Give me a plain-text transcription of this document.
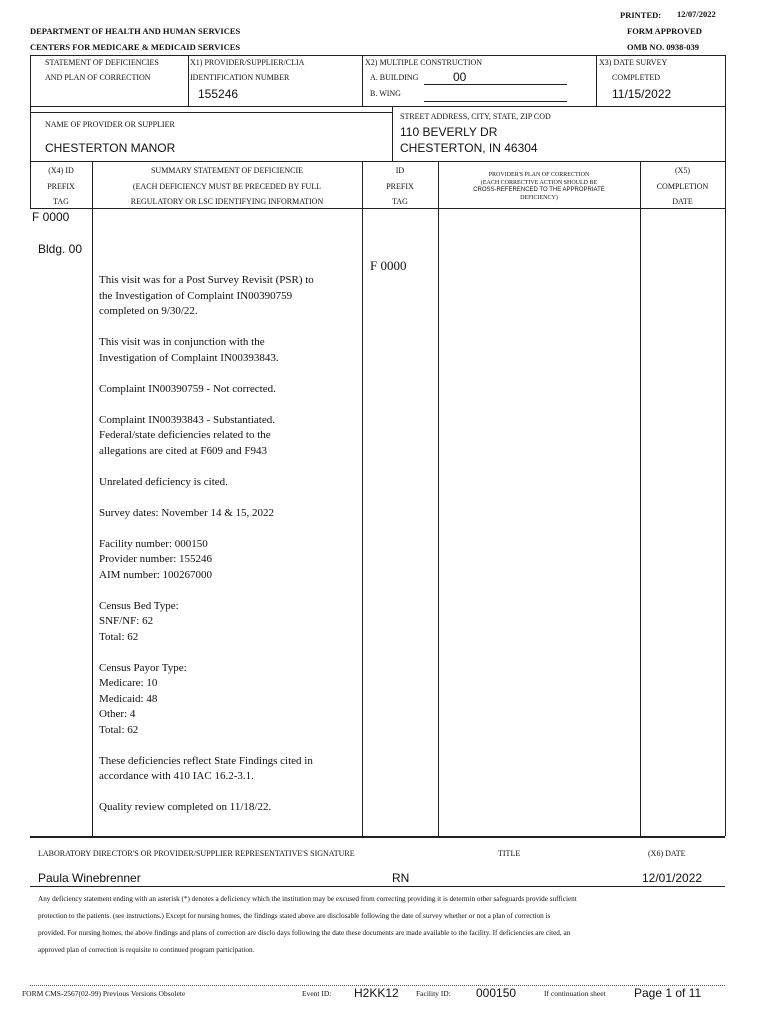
PRINTED: 12/07/2022
FORM APPROVED
OMB NO. 0938-039
DEPARTMENT OF HEALTH AND HUMAN SERVICES
CENTERS FOR MEDICARE & MEDICAID SERVICES
STATEMENT OF DEFICIENCIES
AND PLAN OF CORRECTION
X1) PROVIDER/SUPPLIER/CLIA
IDENTIFICATION NUMBER
155246
X2) MULTIPLE CONSTRUCTION
A. BUILDING	00
B. WING
X3) DATE SURVEY
COMPLETED
11/15/2022
NAME OF PROVIDER OR SUPPLIER
CHESTERTON MANOR
STREET ADDRESS, CITY, STATE, ZIP COD
110 BEVERLY DR
CHESTERTON, IN 46304
(X4) ID
PREFIX
TAG
SUMMARY STATEMENT OF DEFICIENCIE
(EACH DEFICIENCY MUST BE PRECEDED BY FULL
REGULATORY OR LSC IDENTIFYING INFORMATION
ID
PREFIX
TAG
PROVIDER'S PLAN OF CORRECTION
(EACH CORRECTIVE ACTION SHOULD BE
CROSS-REFERENCED TO THE APPROPRIATE
DEFICIENCY)
(X5)
COMPLETION
DATE
F 0000
Bldg. 00
F 0000
This visit was for a Post Survey Revisit (PSR) to
the Investigation of Complaint IN00390759
completed on 9/30/22.
This visit was in conjunction with the
Investigation of Complaint IN00393843.
Complaint IN00390759 - Not corrected.
Complaint IN00393843 - Substantiated.
Federal/state deficiencies related to the
allegations are cited at F609 and F943
Unrelated deficiency is cited.
Survey dates: November 14 & 15, 2022
Facility number: 000150
Provider number: 155246
AIM number: 100267000
Census Bed Type:
SNF/NF: 62
Total: 62
Census Payor Type:
Medicare: 10
Medicaid: 48
Other: 4
Total: 62
These deficiencies reflect State Findings cited in
accordance with 410 IAC 16.2-3.1.
Quality review completed on 11/18/22.
LABORATORY DIRECTOR'S OR PROVIDER/SUPPLIER REPRESENTATIVE'S SIGNATURE	TITLE	(X6) DATE
Paula Winebrenner	RN	12/01/2022
Any deficiency statement ending with an asterisk (*) denotes a deficiency which the institution may be excused from correcting providing it is determin other safeguards provide sufficient protection to the patients. (see instructions.) Except for nursing homes, the findings stated above are disclosable following the date of survey whether or not a plan of correction is provided. For nursing homes, the above findings and plans of correction are disclo days following the date these documents are made available to the facility. If deficiencies are cited, an approved plan of correction is requisite to continued program participation.
FORM CMS-2567(02-99) Previous Versions Obsolete	Event ID: H2KK12 Facility ID: 000150	If continuation sheet Page 1 of 11
